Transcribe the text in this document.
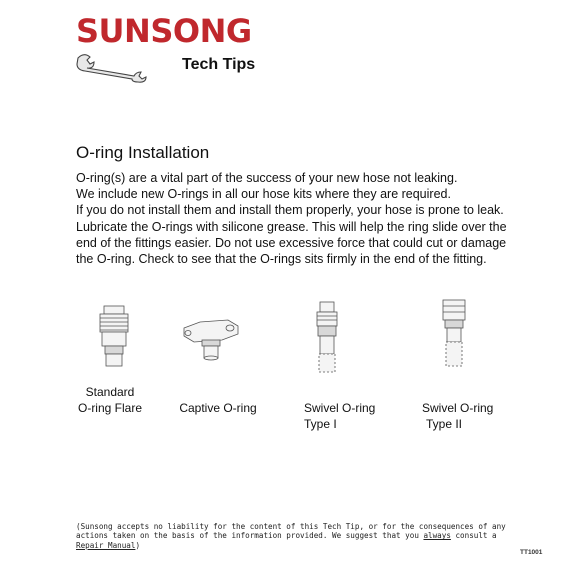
SUNSONG
Tech Tips
O-ring Installation

O-ring(s) are a vital part of the success of your new hose not leaking.

We include new O-rings in all our hose kits where they are required.

If you do not install them and install them properly, your hose is prone to leak. Lubricate the O-rings with silicone grease. This will help the ring slide over the end of the fittings easier. Do not use excessive force that could cut or damage the O-ring. Check to see that the O-rings sits firmly in the end of the fitting.

Standard
O-ring Flare	Captive O-ring	Swivel O-ring
Type I
Swivel O-ring
Type II
(Sunsong accepts no liability for the content of this Tech Tip, or for the consequences of any actions taken on the basis of the information provided. We suggest that you always consult a Repair Manual)
TT1001
